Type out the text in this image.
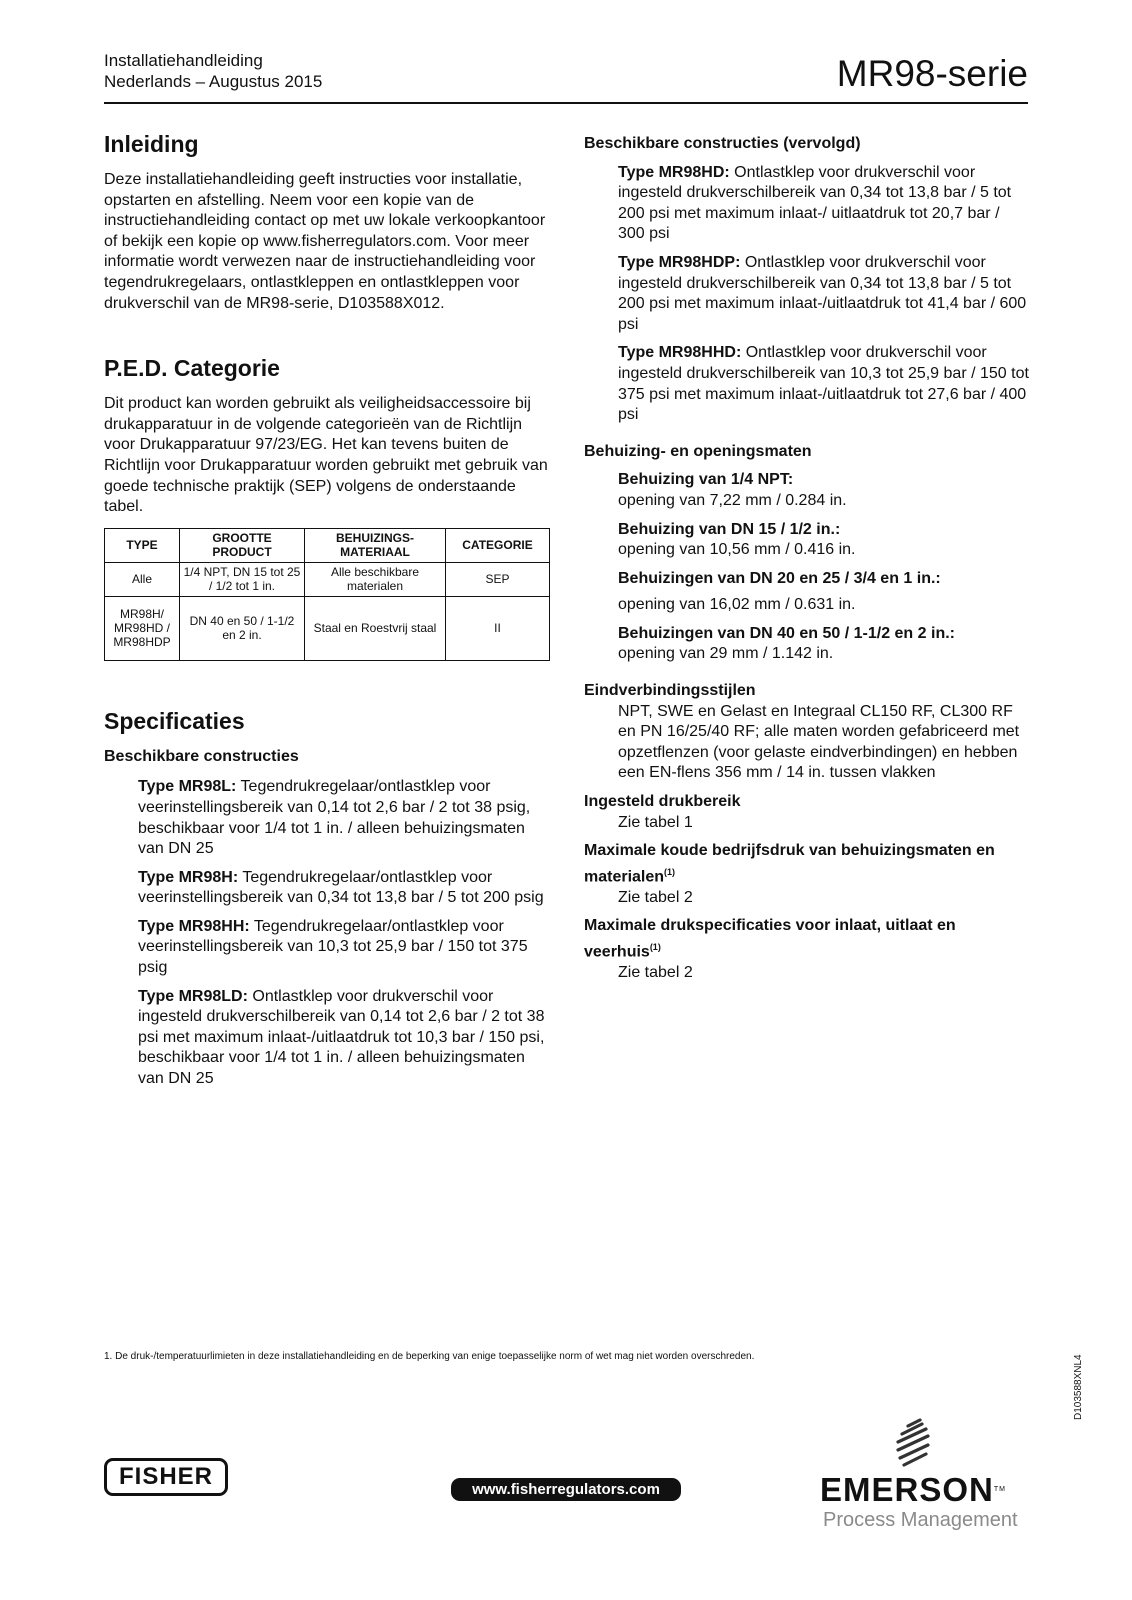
Installatiehandleiding
Nederlands – Augustus 2015	MR98-serie
Inleiding

Deze installatiehandleiding geeft instructies voor installatie, opstarten en afstelling. Neem voor een kopie van de instructiehandleiding contact op met uw lokale verkoopkantoor of bekijk een kopie op www.fisherregulators.com. Voor meer informatie wordt verwezen naar de instructiehandleiding voor tegendrukregelaars, ontlastkleppen en ontlastkleppen voor drukverschil van de MR98-serie, D103588X012.

P.E.D. Categorie

Dit product kan worden gebruikt als veiligheidsaccessoire bij drukapparatuur in de volgende categorieën van de Richtlijn voor Drukapparatuur 97/23/EG. Het kan tevens buiten de Richtlijn voor Drukapparatuur worden gebruikt met gebruik van goede technische praktijk (SEP) volgens de onderstaande tabel.

TYPE	GROOTTE PRODUCT	BEHUIZINGS-MATERIAAL	CATEGORIE
Alle	1/4 NPT, DN 15 tot 25 / 1/2 tot 1 in.	Alle beschikbare materialen	SEP
MR98H/ MR98HD / MR98HDP	DN 40 en 50 / 1-1/2 en 2 in.	Staal en Roestvrij staal	II
Specificaties

Beschikbare constructies

Type MR98L: Tegendrukregelaar/ontlastklep voor veerinstellingsbereik van 0,14 tot 2,6 bar / 2 tot 38 psig, beschikbaar voor 1/4 tot 1 in. / alleen behuizingsmaten van DN 25
Type MR98H: Tegendrukregelaar/ontlastklep voor veerinstellingsbereik van 0,34 tot 13,8 bar / 5 tot 200 psig
Type MR98HH: Tegendrukregelaar/ontlastklep voor veerinstellingsbereik van 10,3 tot 25,9 bar / 150 tot 375 psig
Type MR98LD: Ontlastklep voor drukverschil voor ingesteld drukverschilbereik van 0,14 tot 2,6 bar / 2 tot 38 psi met maximum inlaat-/uitlaatdruk tot 10,3 bar / 150 psi, beschikbaar voor 1/4 tot 1 in. / alleen behuizingsmaten van DN 25

Beschikbare constructies (vervolgd)

Type MR98HD: Ontlastklep voor drukverschil voor ingesteld drukverschilbereik van 0,34 tot 13,8 bar / 5 tot 200 psi met maximum inlaat-/ uitlaatdruk tot 20,7 bar / 300 psi
Type MR98HDP: Ontlastklep voor drukverschil voor ingesteld drukverschilbereik van 0,34 tot 13,8 bar / 5 tot 200 psi met maximum inlaat-/uitlaatdruk tot 41,4 bar / 600 psi
Type MR98HHD: Ontlastklep voor drukverschil voor ingesteld drukverschilbereik van 10,3 tot 25,9 bar / 150 tot 375 psi met maximum inlaat-/uitlaatdruk tot 27,6 bar / 400 psi

Behuizing- en openingsmaten

Behuizing van 1/4 NPT:
opening van 7,22 mm / 0.284 in.
Behuizing van DN 15 / 1/2 in.:
opening van 10,56 mm / 0.416 in.
Behuizingen van DN 20 en 25 / 3/4 en 1 in.:
opening van 16,02 mm / 0.631 in.
Behuizingen van DN 40 en 50 / 1-1/2 en 2 in.:
opening van 29 mm / 1.142 in.

Eindverbindingsstijlen

NPT, SWE en Gelast en Integraal CL150 RF, CL300 RF en PN 16/25/40 RF; alle maten worden gefabriceerd met opzetflenzen (voor gelaste eindverbindingen) en hebben een EN-flens 356 mm / 14 in. tussen vlakken

Ingesteld drukbereik

Zie tabel 1

Maximale koude bedrijfsdruk van behuizingsmaten en materialen$^{(1)}$

Zie tabel 2

Maximale drukspecificaties voor inlaat, uitlaat en veerhuis$^{(1)}$

Zie tabel 2

1. De druk-/temperatuurlimieten in deze installatiehandleiding en de beperking van enige toepasselijke norm of wet mag niet worden overschreden.	D103588XNL4
FISHER	www.fisherregulators.com	EMERSONTM
Process Management
